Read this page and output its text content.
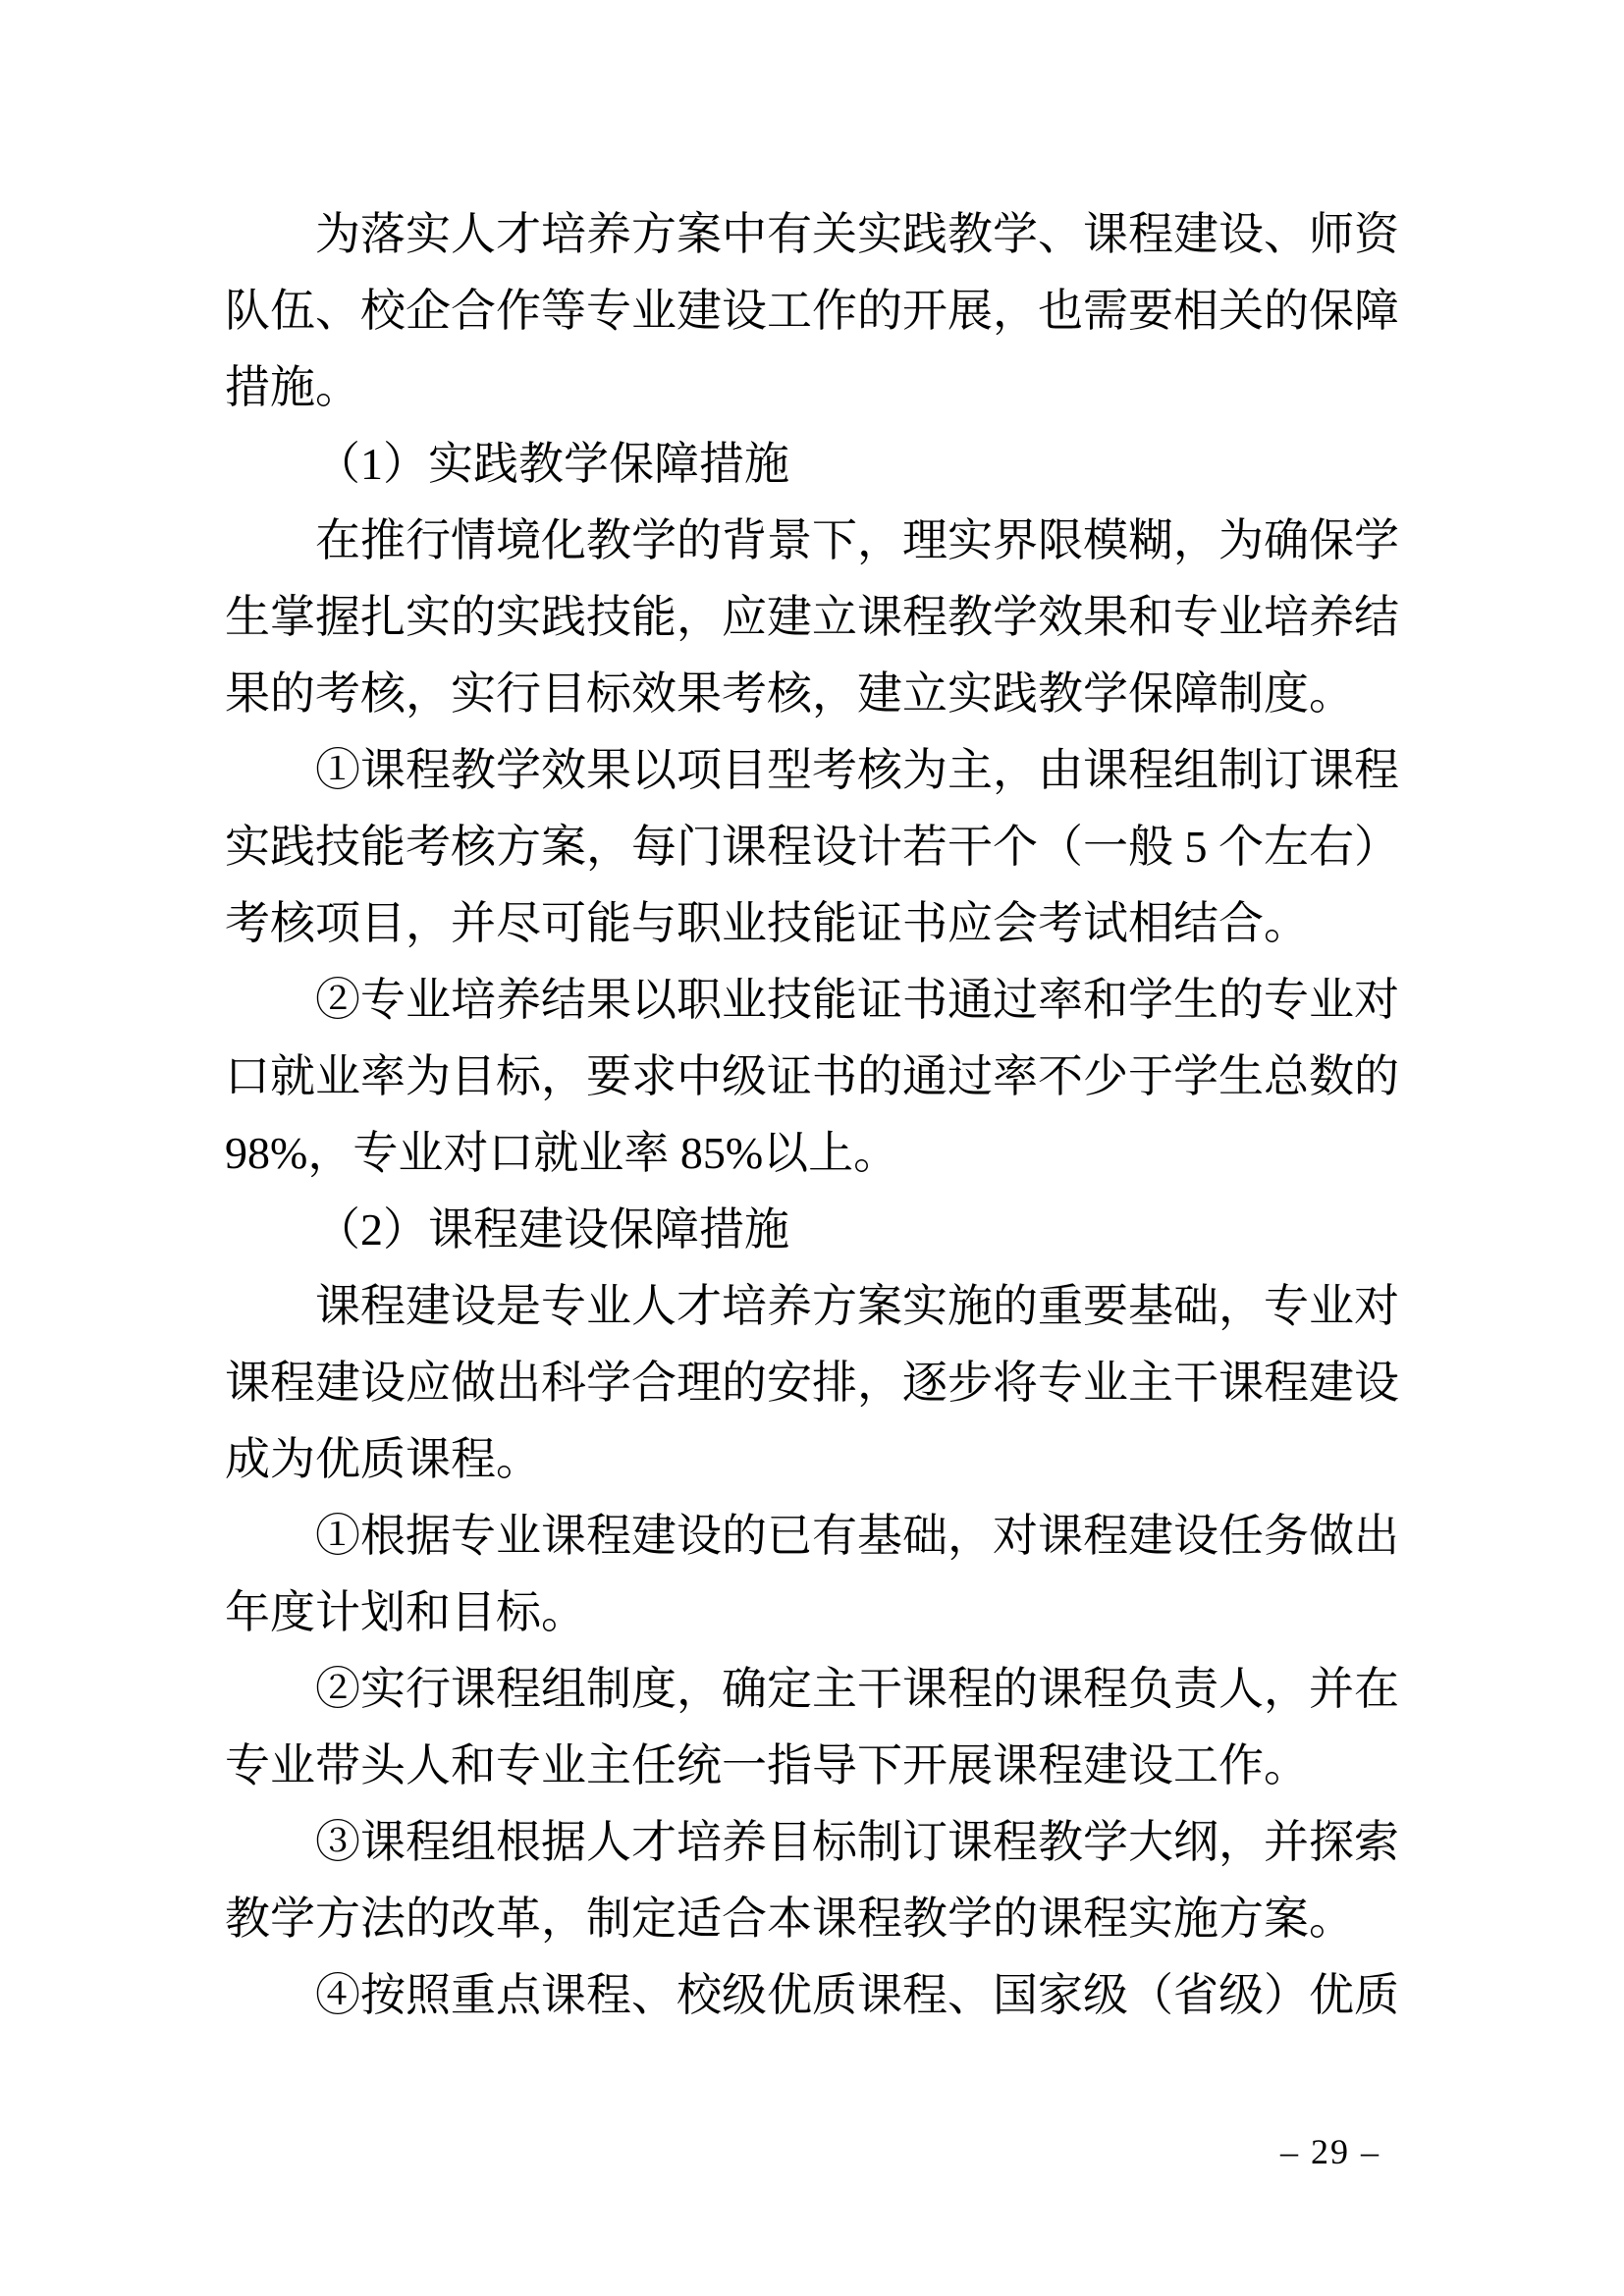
为落实人才培养方案中有关实践教学、课程建设、师资队伍、校企合作等专业建设工作的开展，也需要相关的保障措施。

（1）实践教学保障措施

在推行情境化教学的背景下，理实界限模糊，为确保学生掌握扎实的实践技能，应建立课程教学效果和专业培养结果的考核，实行目标效果考核，建立实践教学保障制度。

①课程教学效果以项目型考核为主，由课程组制订课程实践技能考核方案，每门课程设计若干个（一般 5 个左右）考核项目，并尽可能与职业技能证书应会考试相结合。

②专业培养结果以职业技能证书通过率和学生的专业对口就业率为目标，要求中级证书的通过率不少于学生总数的 98%，专业对口就业率 85%以上。

（2）课程建设保障措施

课程建设是专业人才培养方案实施的重要基础，专业对课程建设应做出科学合理的安排，逐步将专业主干课程建设成为优质课程。

①根据专业课程建设的已有基础，对课程建设任务做出年度计划和目标。

②实行课程组制度，确定主干课程的课程负责人，并在专业带头人和专业主任统一指导下开展课程建设工作。

③课程组根据人才培养目标制订课程教学大纲，并探索教学方法的改革，制定适合本课程教学的课程实施方案。

④按照重点课程、校级优质课程、国家级（省级）优质

– 29 –
